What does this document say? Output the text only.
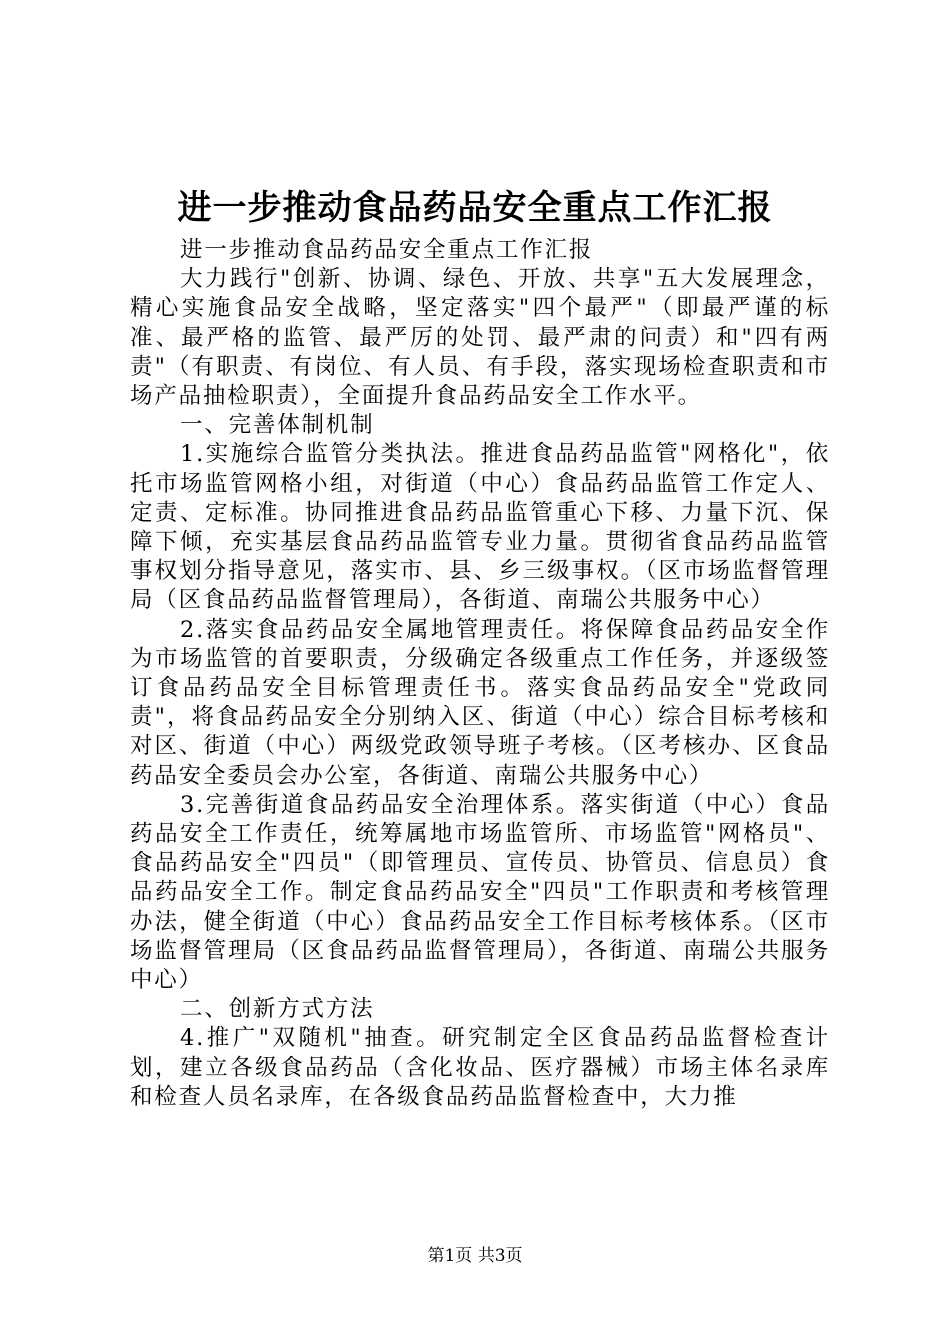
进一步推动食品药品安全重点工作汇报

进一步推动食品药品安全重点工作汇报

大力践行"创新、协调、绿色、开放、共享"五大发展理念，精心实施食品安全战略，坚定落实"四个最严"（即最严谨的标准、最严格的监管、最严厉的处罚、最严肃的问责）和"四有两责"（有职责、有岗位、有人员、有手段，落实现场检查职责和市场产品抽检职责），全面提升食品药品安全工作水平。

一、完善体制机制

1.实施综合监管分类执法。推进食品药品监管"网格化"，依托市场监管网格小组，对街道（中心）食品药品监管工作定人、定责、定标准。协同推进食品药品监管重心下移、力量下沉、保障下倾，充实基层食品药品监管专业力量。贯彻省食品药品监管事权划分指导意见，落实市、县、乡三级事权。（区市场监督管理局（区食品药品监督管理局），各街道、南瑞公共服务中心）

2.落实食品药品安全属地管理责任。将保障食品药品安全作为市场监管的首要职责，分级确定各级重点工作任务，并逐级签订食品药品安全目标管理责任书。落实食品药品安全"党政同责"，将食品药品安全分别纳入区、街道（中心）综合目标考核和对区、街道（中心）两级党政领导班子考核。（区考核办、区食品药品安全委员会办公室，各街道、南瑞公共服务中心）

3.完善街道食品药品安全治理体系。落实街道（中心）食品药品安全工作责任，统筹属地市场监管所、市场监管"网格员"、食品药品安全"四员"（即管理员、宣传员、协管员、信息员）食品药品安全工作。制定食品药品安全"四员"工作职责和考核管理办法，健全街道（中心）食品药品安全工作目标考核体系。（区市场监督管理局（区食品药品监督管理局），各街道、南瑞公共服务中心）

二、创新方式方法

4.推广"双随机"抽查。研究制定全区食品药品监督检查计划，建立各级食品药品（含化妆品、医疗器械）市场主体名录库和检查人员名录库，在各级食品药品监督检查中，大力推

第1页 共3页
